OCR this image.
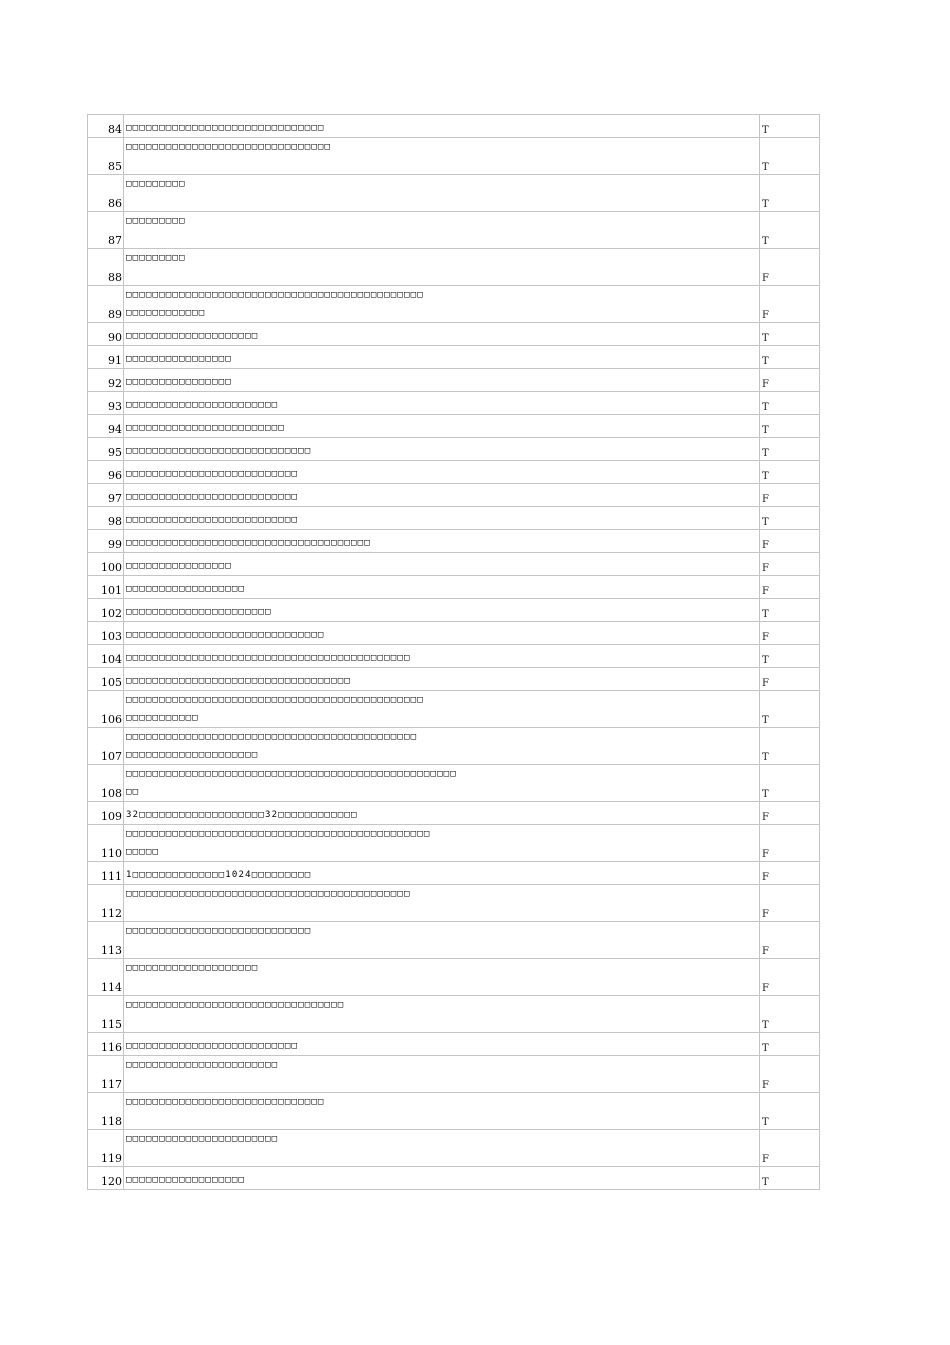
84	□□□□□□□□□□□□□□□□□□□□□□□□□□□□□□	T
85	□□□□□□□□□□□□□□□□□□□□□□□□□□□□□□□	T
86	□□□□□□□□□	T
87	□□□□□□□□□	T
88	□□□□□□□□□	F
89	□□□□□□□□□□□□□□□□□□□□□□□□□□□□□□□□□□□□□□□□□□□□□
□□□□□□□□□□□□	F
90	□□□□□□□□□□□□□□□□□□□□	T
91	□□□□□□□□□□□□□□□□	T
92	□□□□□□□□□□□□□□□□	F
93	□□□□□□□□□□□□□□□□□□□□□□□	T
94	□□□□□□□□□□□□□□□□□□□□□□□□	T
95	□□□□□□□□□□□□□□□□□□□□□□□□□□□□	T
96	□□□□□□□□□□□□□□□□□□□□□□□□□□	T
97	□□□□□□□□□□□□□□□□□□□□□□□□□□	F
98	□□□□□□□□□□□□□□□□□□□□□□□□□□	T
99	□□□□□□□□□□□□□□□□□□□□□□□□□□□□□□□□□□□□□	F
100	□□□□□□□□□□□□□□□□	F
101	□□□□□□□□□□□□□□□□□□	F
102	□□□□□□□□□□□□□□□□□□□□□□	T
103	□□□□□□□□□□□□□□□□□□□□□□□□□□□□□□	F
104	□□□□□□□□□□□□□□□□□□□□□□□□□□□□□□□□□□□□□□□□□□□	T
105	□□□□□□□□□□□□□□□□□□□□□□□□□□□□□□□□□□	F
106	□□□□□□□□□□□□□□□□□□□□□□□□□□□□□□□□□□□□□□□□□□□□□
□□□□□□□□□□□	T
107	□□□□□□□□□□□□□□□□□□□□□□□□□□□□□□□□□□□□□□□□□□□□
□□□□□□□□□□□□□□□□□□□□	T
108	□□□□□□□□□□□□□□□□□□□□□□□□□□□□□□□□□□□□□□□□□□□□□□□□□□
□□	T
109	32□□□□□□□□□□□□□□□□□□□32□□□□□□□□□□□□	F
110	□□□□□□□□□□□□□□□□□□□□□□□□□□□□□□□□□□□□□□□□□□□□□□
□□□□□	F
111	1□□□□□□□□□□□□□□1024□□□□□□□□□	F
112	□□□□□□□□□□□□□□□□□□□□□□□□□□□□□□□□□□□□□□□□□□□	F
113	□□□□□□□□□□□□□□□□□□□□□□□□□□□□	F
114	□□□□□□□□□□□□□□□□□□□□	F
115	□□□□□□□□□□□□□□□□□□□□□□□□□□□□□□□□□	T
116	□□□□□□□□□□□□□□□□□□□□□□□□□□	T
117	□□□□□□□□□□□□□□□□□□□□□□□	F
118	□□□□□□□□□□□□□□□□□□□□□□□□□□□□□□	T
119	□□□□□□□□□□□□□□□□□□□□□□□	F
120	□□□□□□□□□□□□□□□□□□	T
